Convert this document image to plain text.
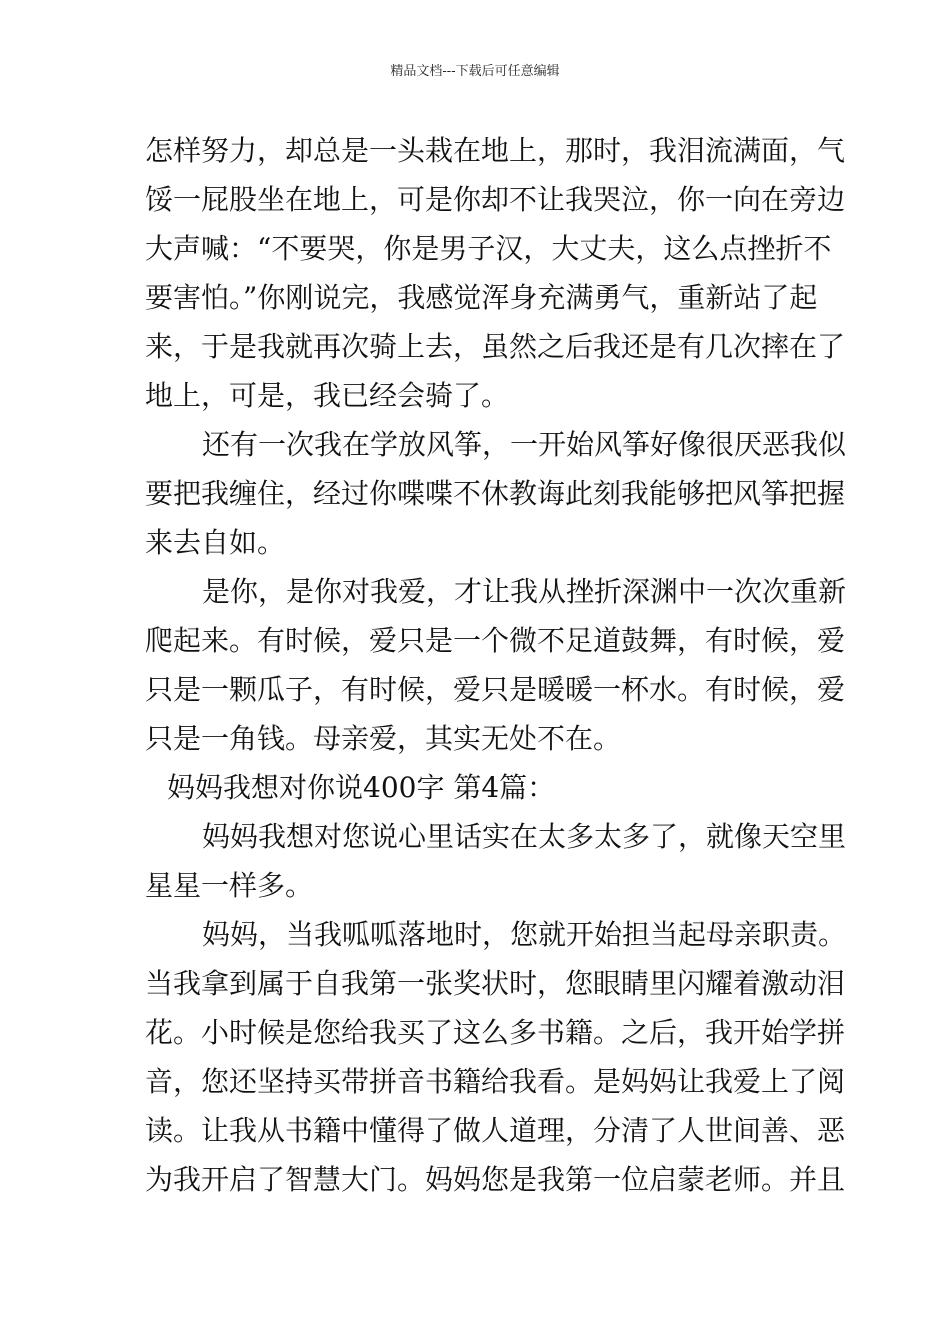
精品文档---下载后可任意编辑
怎样努力，却总是一头栽在地上，那时，我泪流满面，气
馁一屁股坐在地上，可是你却不让我哭泣，你一向在旁边
大声喊：“不要哭，你是男子汉，大丈夫，这么点挫折不
要害怕。”你刚说完，我感觉浑身充满勇气，重新站了起
来，于是我就再次骑上去，虽然之后我还是有几次摔在了
地上，可是，我已经会骑了。
还有一次我在学放风筝，一开始风筝好像很厌恶我似
要把我缠住，经过你喋喋不休教诲此刻我能够把风筝把握
来去自如。
是你，是你对我爱，才让我从挫折深渊中一次次重新
爬起来。有时候，爱只是一个微不足道鼓舞，有时候，爱
只是一颗瓜子，有时候，爱只是暖暖一杯水。有时候，爱
只是一角钱。母亲爱，其实无处不在。
妈妈我想对你说400字 第4篇：
妈妈我想对您说心里话实在太多太多了，就像天空里
星星一样多。
妈妈，当我呱呱落地时，您就开始担当起母亲职责。
当我拿到属于自我第一张奖状时，您眼睛里闪耀着激动泪
花。小时候是您给我买了这么多书籍。之后，我开始学拼
音，您还坚持买带拼音书籍给我看。是妈妈让我爱上了阅
读。让我从书籍中懂得了做人道理，分清了人世间善、恶
为我开启了智慧大门。妈妈您是我第一位启蒙老师。并且
